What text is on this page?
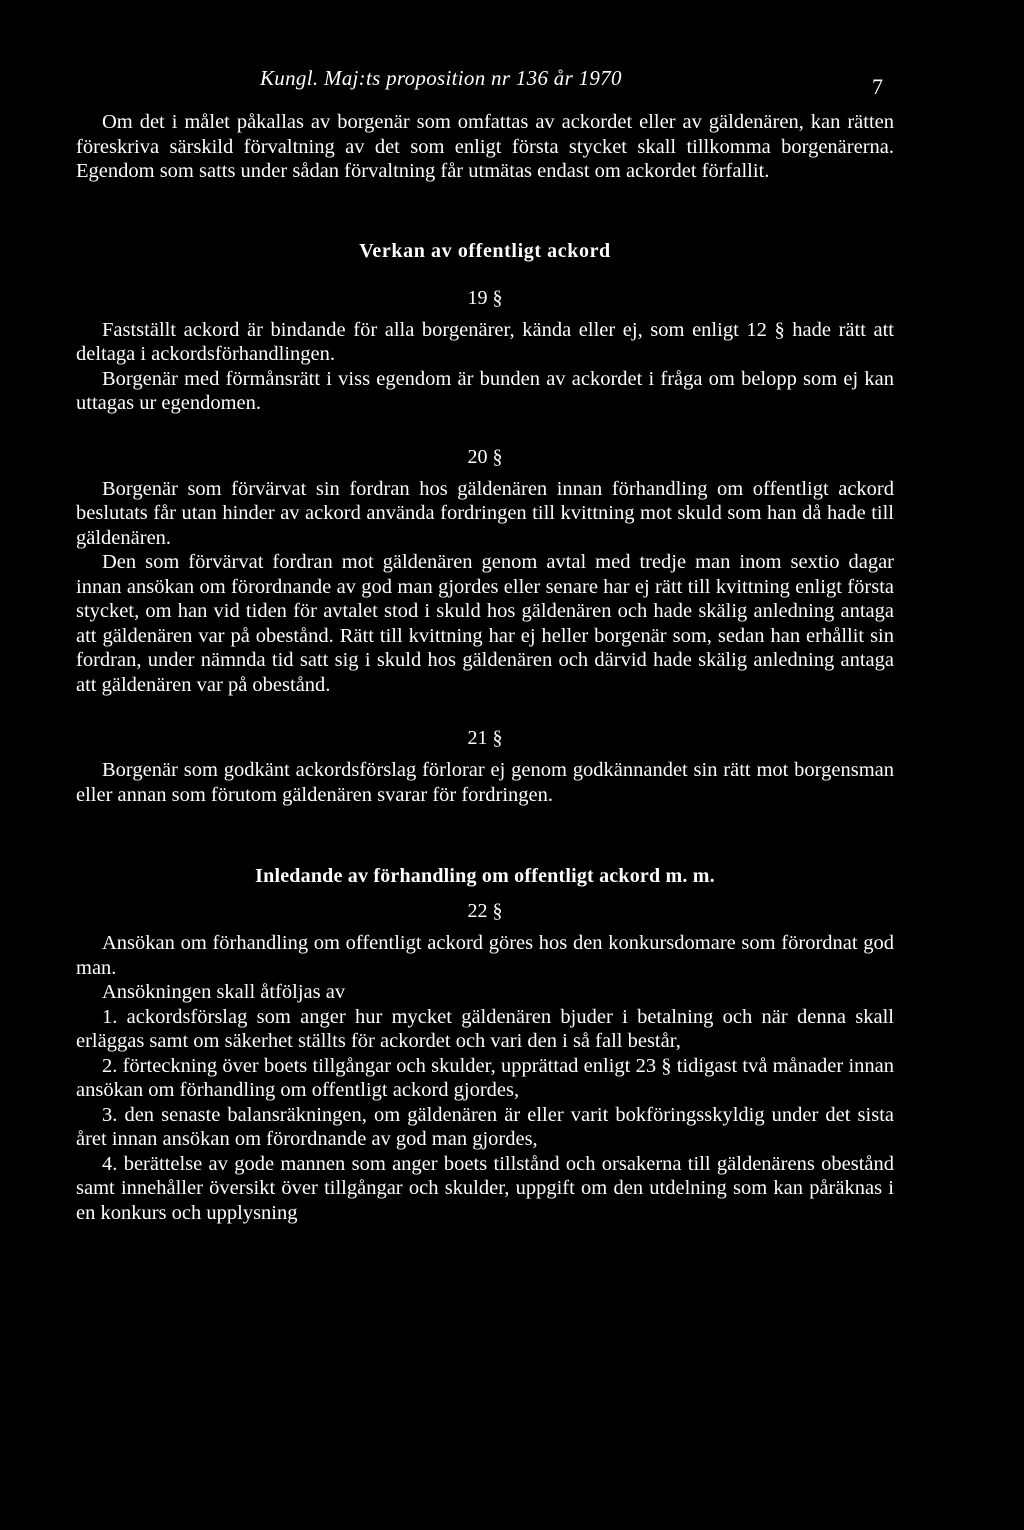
Kungl. Maj:ts proposition nr 136 år 1970	7

Om det i målet påkallas av borgenär som omfattas av ackordet eller av gäldenären, kan rätten föreskriva särskild förvaltning av det som enligt första stycket skall tillkomma borgenärerna. Egendom som satts under sådan förvaltning får utmätas endast om ackordet förfallit.

Verkan av offentligt ackord
19 §

Fastställt ackord är bindande för alla borgenärer, kända eller ej, som enligt 12 § hade rätt att deltaga i ackordsförhandlingen.

Borgenär med förmånsrätt i viss egendom är bunden av ackordet i fråga om belopp som ej kan uttagas ur egendomen.

20 §

Borgenär som förvärvat sin fordran hos gäldenären innan förhandling om offentligt ackord beslutats får utan hinder av ackord använda fordringen till kvittning mot skuld som han då hade till gäldenären.

Den som förvärvat fordran mot gäldenären genom avtal med tredje man inom sextio dagar innan ansökan om förordnande av god man gjordes eller senare har ej rätt till kvittning enligt första stycket, om han vid tiden för avtalet stod i skuld hos gäldenären och hade skälig anledning antaga att gäldenären var på obestånd. Rätt till kvittning har ej heller borgenär som, sedan han erhållit sin fordran, under nämnda tid satt sig i skuld hos gäldenären och därvid hade skälig anledning antaga att gäldenären var på obestånd.

21 §

Borgenär som godkänt ackordsförslag förlorar ej genom godkännandet sin rätt mot borgensman eller annan som förutom gäldenären svarar för fordringen.

Inledande av förhandling om offentligt ackord m. m.
22 §

Ansökan om förhandling om offentligt ackord göres hos den konkursdomare som förordnat god man.

Ansökningen skall åtföljas av

1. ackordsförslag som anger hur mycket gäldenären bjuder i betalning och när denna skall erläggas samt om säkerhet ställts för ackordet och vari den i så fall består,

2. förteckning över boets tillgångar och skulder, upprättad enligt 23 § tidigast två månader innan ansökan om förhandling om offentligt ackord gjordes,

3. den senaste balansräkningen, om gäldenären är eller varit bokföringsskyldig under det sista året innan ansökan om förordnande av god man gjordes,

4. berättelse av gode mannen som anger boets tillstånd och orsakerna till gäldenärens obestånd samt innehåller översikt över tillgångar och skulder, uppgift om den utdelning som kan påräknas i en konkurs och upplysning
